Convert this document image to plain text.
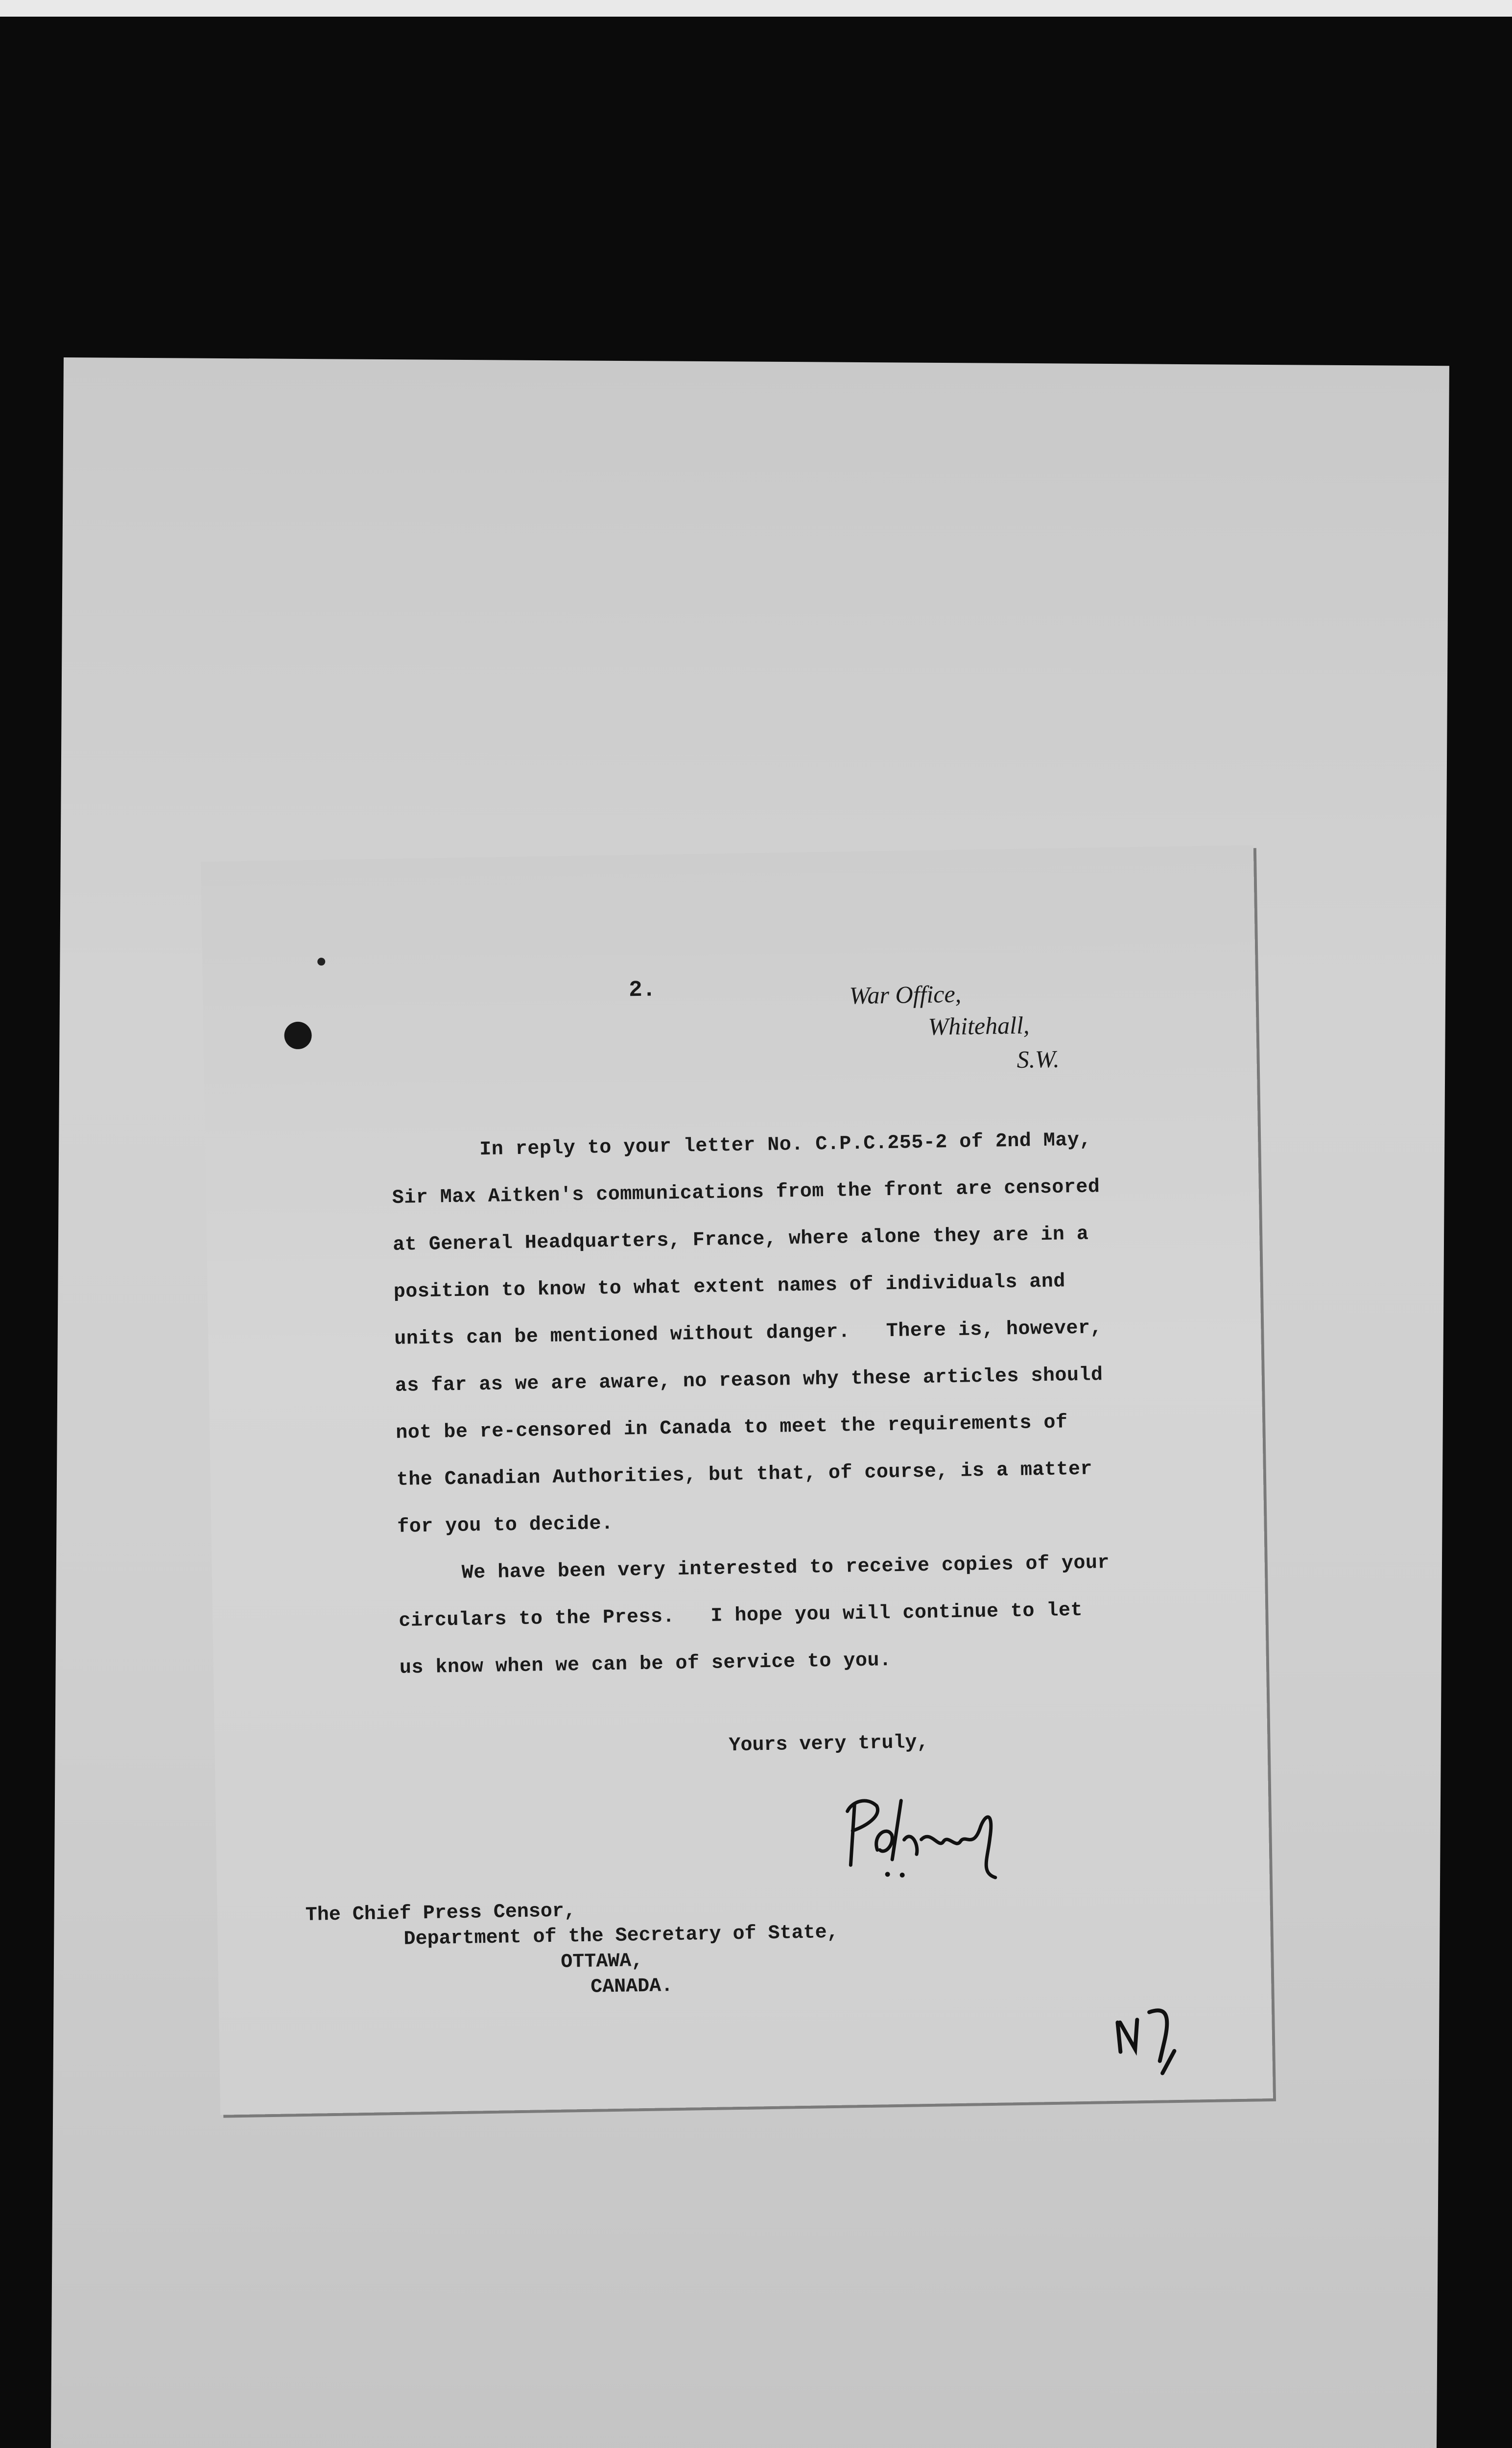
2.	War Office,
Whitehall,
S.W.
In reply to your letter No. C.P.C.255-2 of 2nd May,
Sir Max Aitken's communications from the front are censored
at General Headquarters, France, where alone they are in a
position to know to what extent names of individuals and
units can be mentioned without danger.   There is, however,
as far as we are aware, no reason why these articles should
not be re-censored in Canada to meet the requirements of
the Canadian Authorities, but that, of course, is a matter
for you to decide.
We have been very interested to receive copies of your
circulars to the Press.   I hope you will continue to let
us know when we can be of service to you.
Yours very truly,
The Chief Press Censor,
Department of the Secretary of State,
OTTAWA,
CANADA.
